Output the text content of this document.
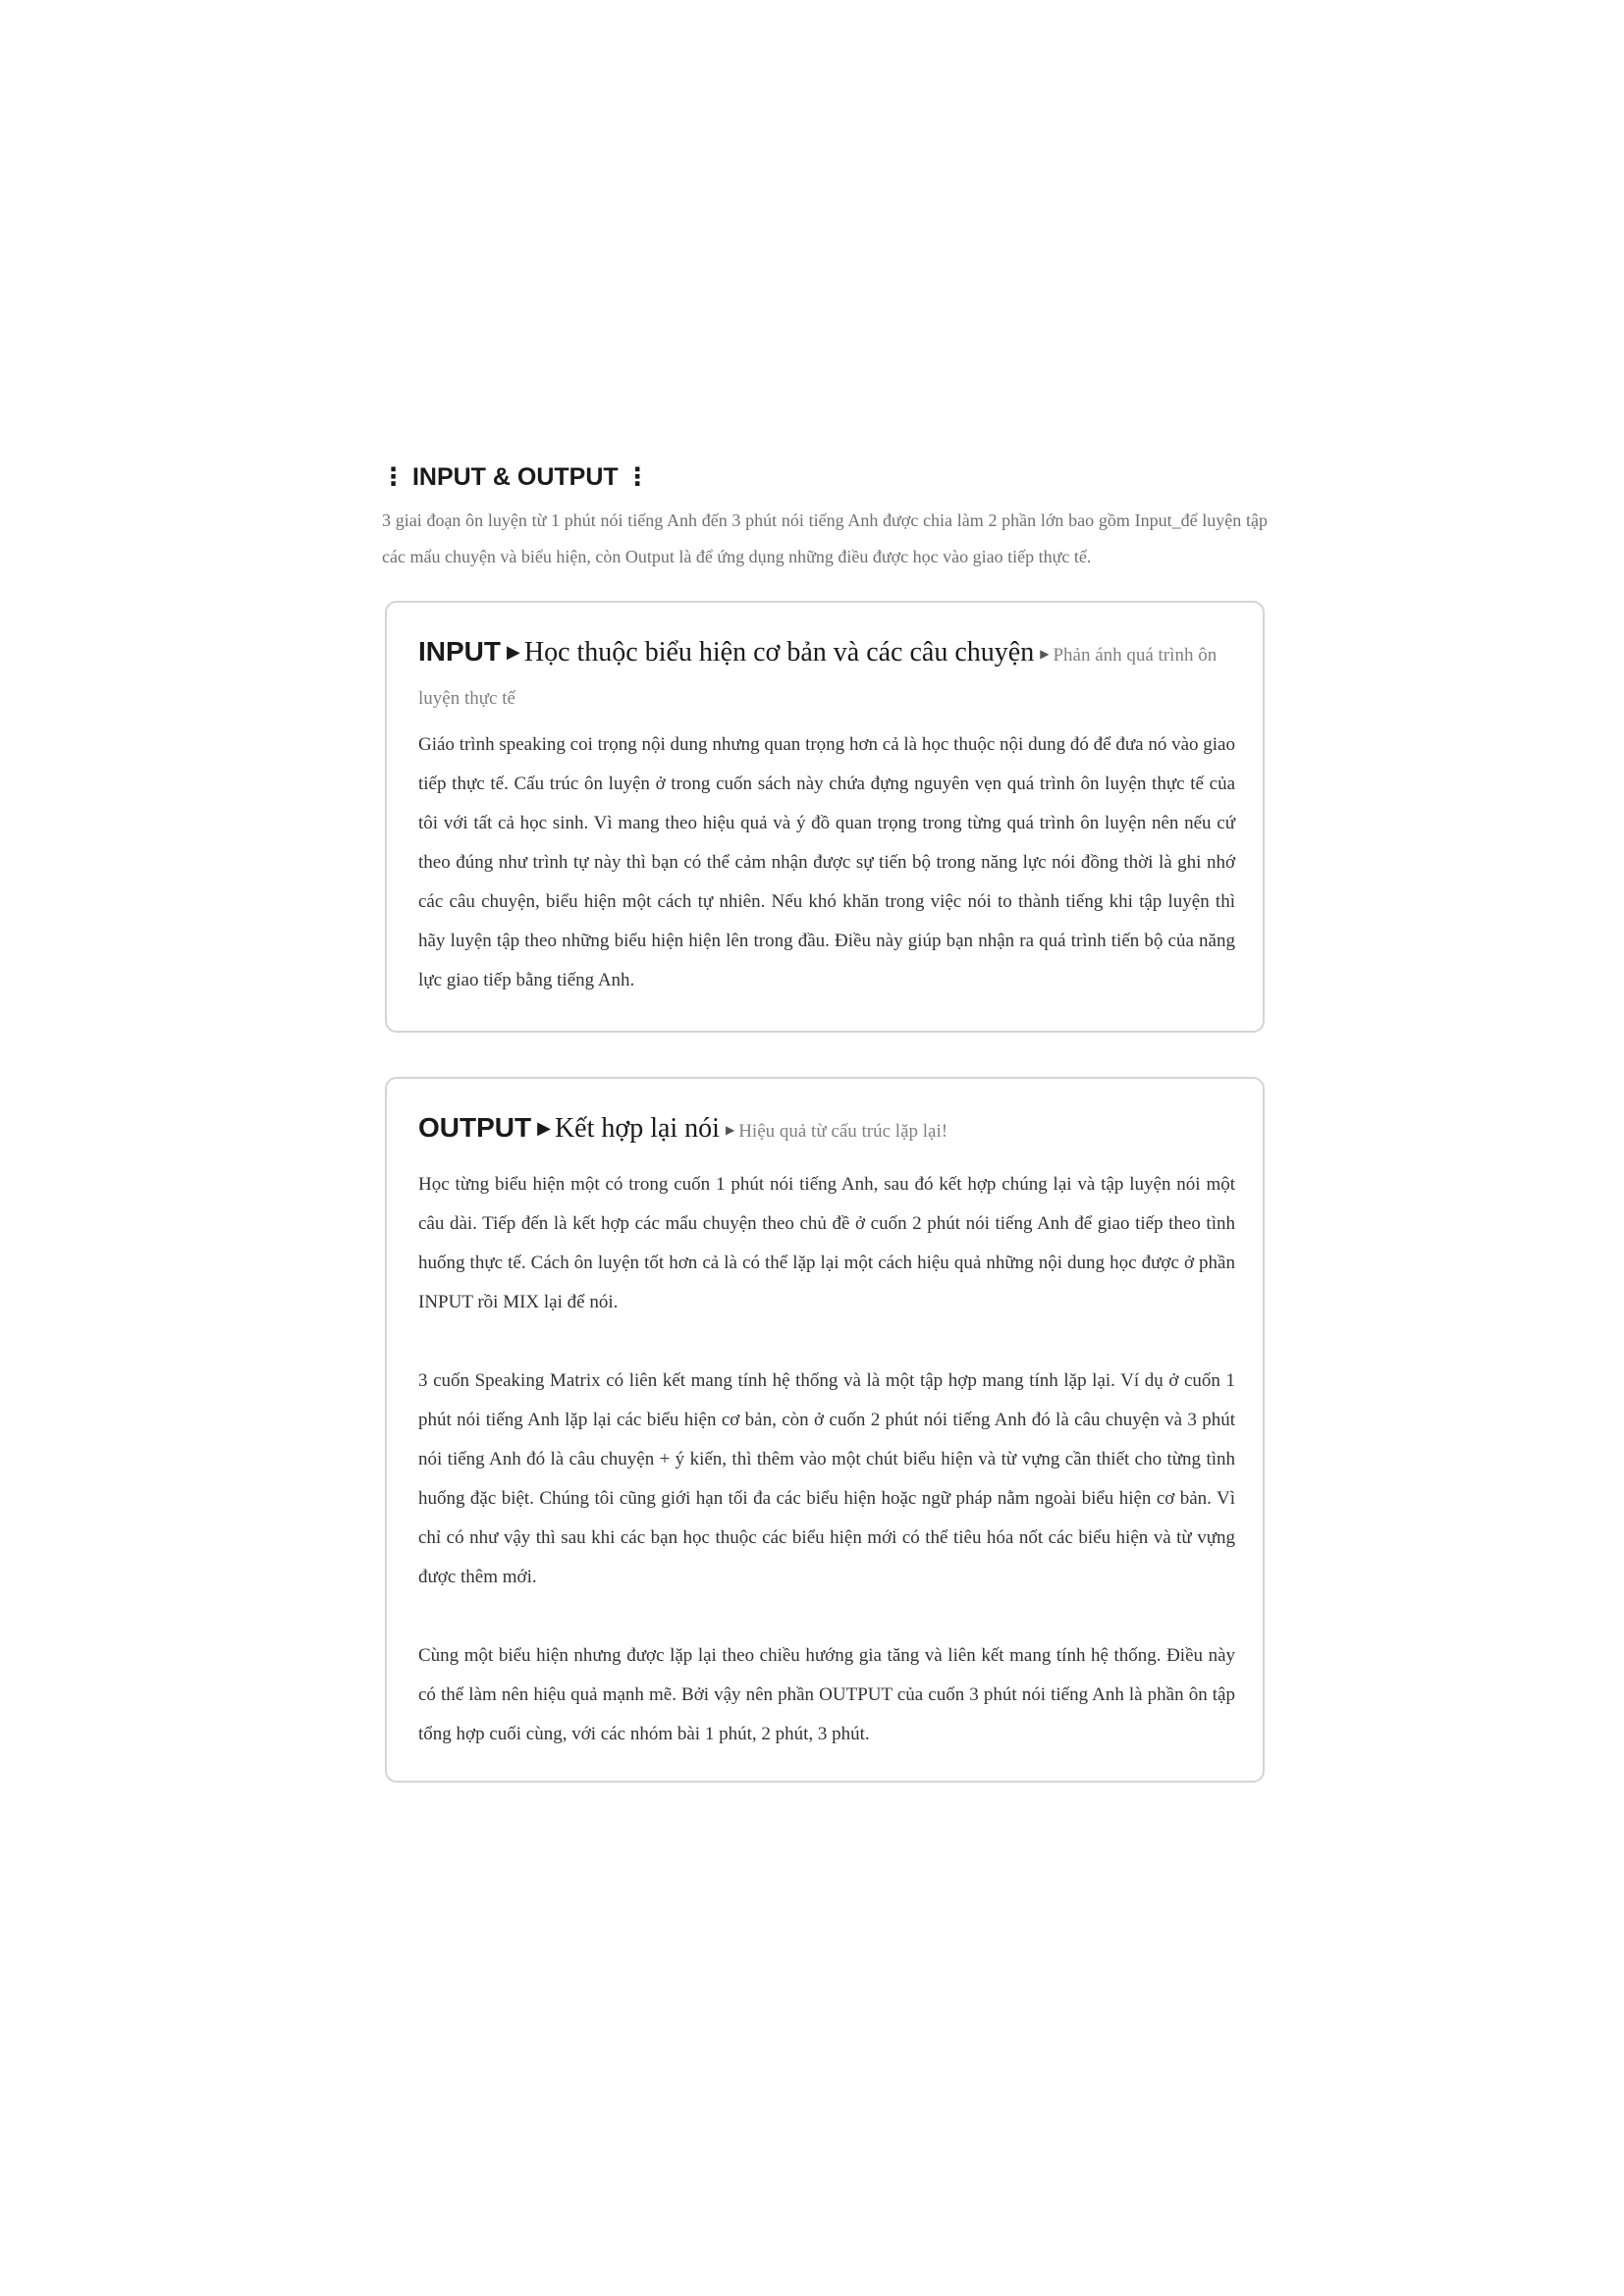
⋮ INPUT & OUTPUT ⋮
3 giai đoạn ôn luyện từ 1 phút nói tiếng Anh đến 3 phút nói tiếng Anh được chia làm 2 phần lớn bao gồm Input_để luyện tập các mẩu chuyện và biểu hiện, còn Output là để ứng dụng những điều được học vào giao tiếp thực tế.
INPUT ▶ Học thuộc biểu hiện cơ bản và các câu chuyện ▶ Phản ánh quá trình ôn luyện thực tế

Giáo trình speaking coi trọng nội dung nhưng quan trọng hơn cả là học thuộc nội dung đó để đưa nó vào giao tiếp thực tế. Cấu trúc ôn luyện ở trong cuốn sách này chứa đựng nguyên vẹn quá trình ôn luyện thực tế của tôi với tất cả học sinh. Vì mang theo hiệu quả và ý đồ quan trọng trong từng quá trình ôn luyện nên nếu cứ theo đúng như trình tự này thì bạn có thể cảm nhận được sự tiến bộ trong năng lực nói đồng thời là ghi nhớ các câu chuyện, biểu hiện một cách tự nhiên. Nếu khó khăn trong việc nói to thành tiếng khi tập luyện thì hãy luyện tập theo những biểu hiện hiện lên trong đầu. Điều này giúp bạn nhận ra quá trình tiến bộ của năng lực giao tiếp bằng tiếng Anh.

OUTPUT ▶ Kết hợp lại nói ▶ Hiệu quả từ cấu trúc lặp lại!

Học từng biểu hiện một có trong cuốn 1 phút nói tiếng Anh, sau đó kết hợp chúng lại và tập luyện nói một câu dài. Tiếp đến là kết hợp các mẩu chuyện theo chủ đề ở cuốn 2 phút nói tiếng Anh để giao tiếp theo tình huống thực tế. Cách ôn luyện tốt hơn cả là có thể lặp lại một cách hiệu quả những nội dung học được ở phần INPUT rồi MIX lại để nói.

3 cuốn Speaking Matrix có liên kết mang tính hệ thống và là một tập hợp mang tính lặp lại. Ví dụ ở cuốn 1 phút nói tiếng Anh lặp lại các biểu hiện cơ bản, còn ở cuốn 2 phút nói tiếng Anh đó là câu chuyện và 3 phút nói tiếng Anh đó là câu chuyện + ý kiến, thì thêm vào một chút biểu hiện và từ vựng cần thiết cho từng tình huống đặc biệt. Chúng tôi cũng giới hạn tối đa các biểu hiện hoặc ngữ pháp nằm ngoài biểu hiện cơ bản. Vì chỉ có như vậy thì sau khi các bạn học thuộc các biểu hiện mới có thể tiêu hóa nốt các biểu hiện và từ vựng được thêm mới.

Cùng một biểu hiện nhưng được lặp lại theo chiều hướng gia tăng và liên kết mang tính hệ thống. Điều này có thể làm nên hiệu quả mạnh mẽ. Bởi vậy nên phần OUTPUT của cuốn 3 phút nói tiếng Anh là phần ôn tập tổng hợp cuối cùng, với các nhóm bài 1 phút, 2 phút, 3 phút.
